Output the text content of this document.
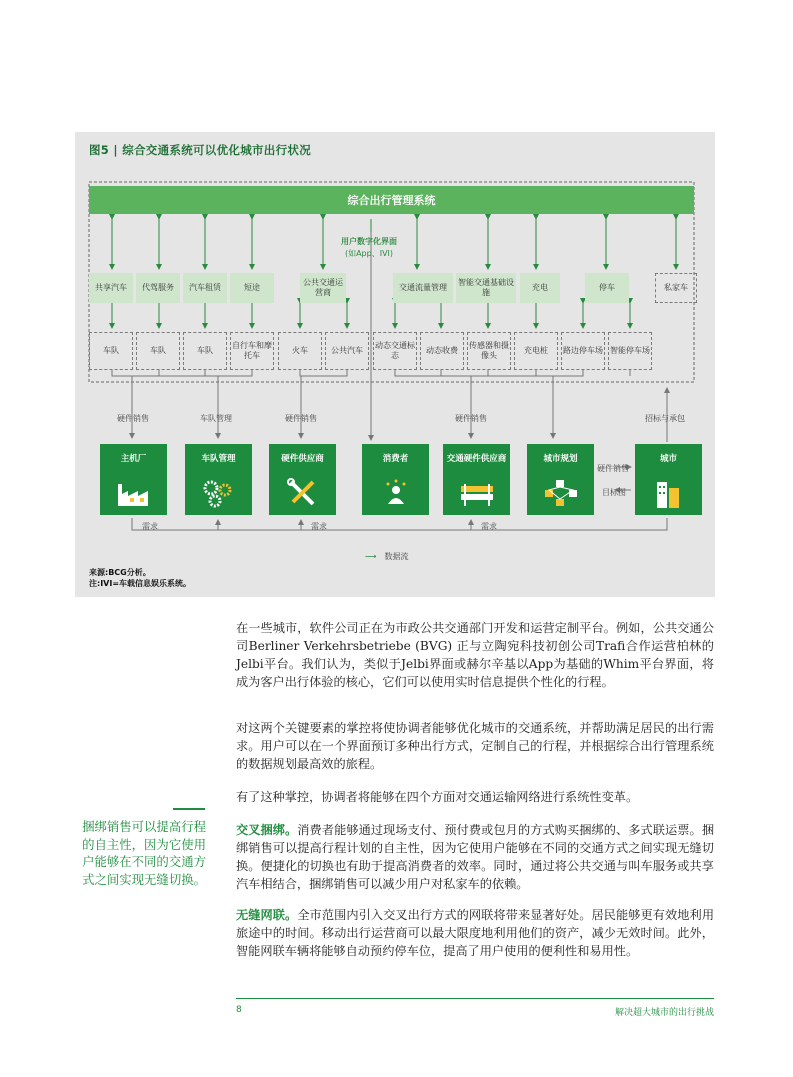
图5 | 综合交通系统可以优化城市出行状况
综合出行管理系统
用户数字化界面
(如App、IVI)
共享汽车	代驾服务	汽车租赁	短途
公共交通运营商
交通流量管理
智能交通基础设施
充电	停车	私家车
车队	车队	车队
自行车和摩托车
火车	公共汽车
动态交通标志
动态收费
传感器和摄像头
充电桩	路边停车场 智能停车场
硬件销售	车队管理	硬件销售	硬件销售	招标与承包
硬件销售
目标图
需求	需求	需求
主机厂	车队管理	硬件供应商	消费者	交通硬件供应商	城市规划	城市
⟶ 数据流
来源:BCG分析。
注:IVI=车载信息娱乐系统。
在一些城市，软件公司正在为市政公共交通部门开发和运营定制平台。例如，公共交通公司Berliner Verkehrsbetriebe (BVG) 正与立陶宛科技初创公司Trafi合作运营柏林的Jelbi平台。我们认为，类似于Jelbi界面或赫尔辛基以App为基础的Whim平台界面，将成为客户出行体验的核心，它们可以使用实时信息提供个性化的行程。
对这两个关键要素的掌控将使协调者能够优化城市的交通系统，并帮助满足居民的出行需求。用户可以在一个界面预订多种出行方式，定制自己的行程，并根据综合出行管理系统的数据规划最高效的旅程。
有了这种掌控，协调者将能够在四个方面对交通运输网络进行系统性变革。
交叉捆绑。消费者能够通过现场支付、预付费或包月的方式购买捆绑的、多式联运票。捆绑销售可以提高行程计划的自主性，因为它使用户能够在不同的交通方式之间实现无缝切换。便捷化的切换也有助于提高消费者的效率。同时，通过将公共交通与叫车服务或共享汽车相结合，捆绑销售可以减少用户对私家车的依赖。
无缝网联。全市范围内引入交叉出行方式的网联将带来显著好处。居民能够更有效地利用旅途中的时间。移动出行运营商可以最大限度地利用他们的资产，减少无效时间。此外，智能网联车辆将能够自动预约停车位，提高了用户使用的便利性和易用性。
捆绑销售可以提高行程的自主性，因为它使用户能够在不同的交通方式之间实现无缝切换。
8	解决超大城市的出行挑战
